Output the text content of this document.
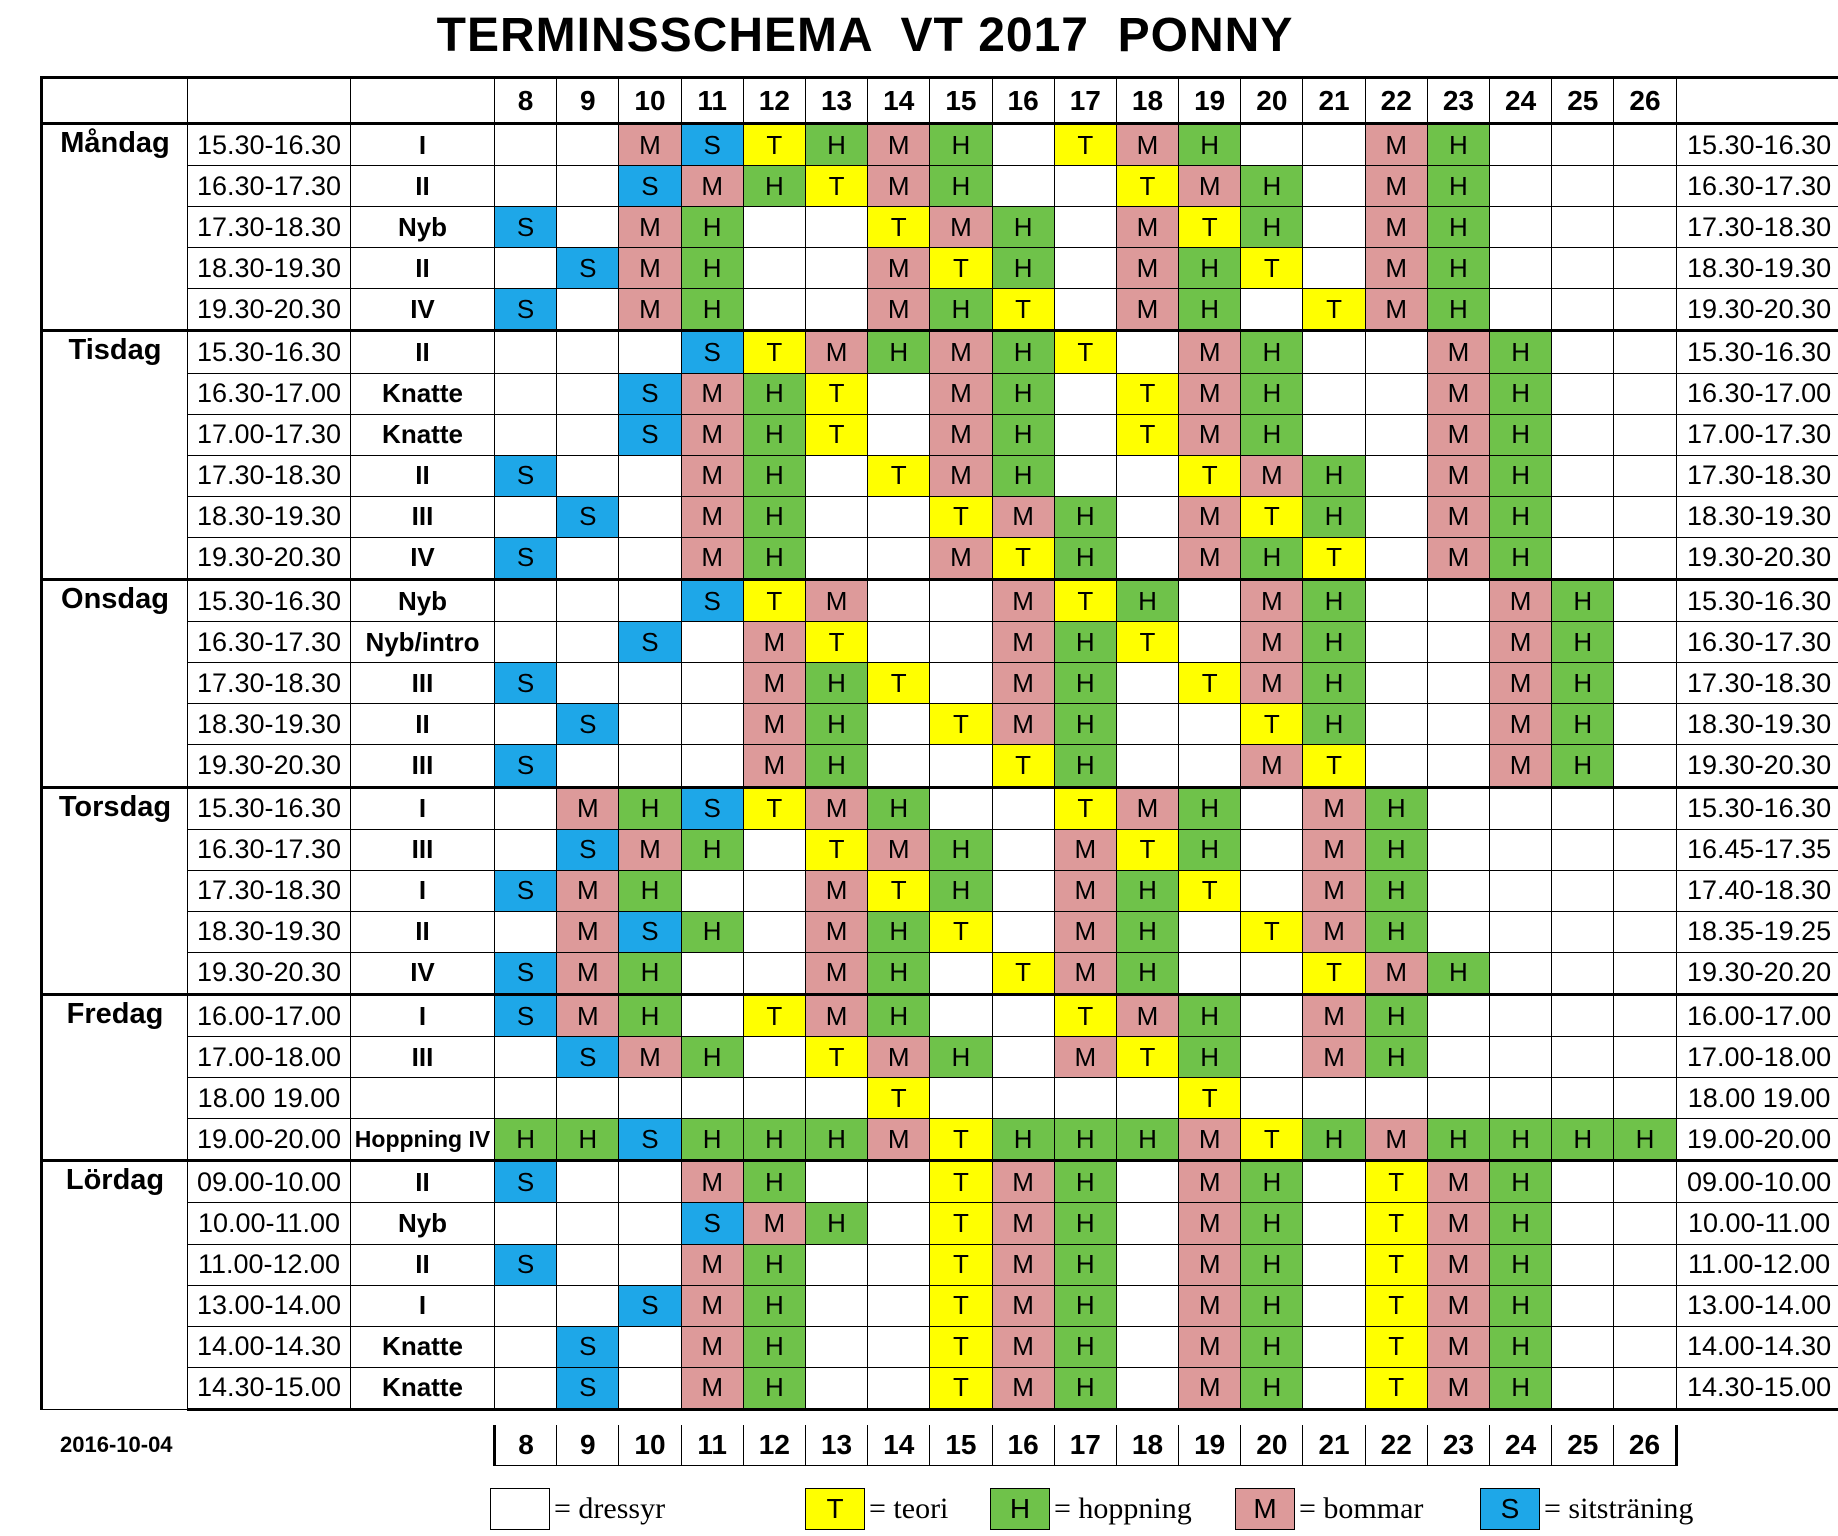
TERMINSSCHEMA  VT 2017  PONNY
			8	9	10	11	12	13	14	15	16	17	18	19	20	21	22	23	24	25	26	
Måndag	15.30-16.30	I			M	S	T	H	M	H		T	M	H			M	H				15.30-16.30
	16.30-17.30	II			S	M	H	T	M	H			T	M	H		M	H				16.30-17.30
	17.30-18.30	Nyb	S		M	H			T	M	H		M	T	H		M	H				17.30-18.30
	18.30-19.30	II		S	M	H			M	T	H		M	H	T		M	H				18.30-19.30
	19.30-20.30	IV	S		M	H			M	H	T		M	H		T	M	H				19.30-20.30
Tisdag	15.30-16.30	II				S	T	M	H	M	H	T		M	H			M	H			15.30-16.30
	16.30-17.00	Knatte			S	M	H	T		M	H		T	M	H			M	H			16.30-17.00
	17.00-17.30	Knatte			S	M	H	T		M	H		T	M	H			M	H			17.00-17.30
	17.30-18.30	II	S			M	H		T	M	H			T	M	H		M	H			17.30-18.30
	18.30-19.30	III		S		M	H			T	M	H		M	T	H		M	H			18.30-19.30
	19.30-20.30	IV	S			M	H			M	T	H		M	H	T		M	H			19.30-20.30
Onsdag	15.30-16.30	Nyb				S	T	M			M	T	H		M	H			M	H		15.30-16.30
	16.30-17.30	Nyb/intro			S		M	T			M	H	T		M	H			M	H		16.30-17.30
	17.30-18.30	III	S				M	H	T		M	H		T	M	H			M	H		17.30-18.30
	18.30-19.30	II		S			M	H		T	M	H			T	H			M	H		18.30-19.30
	19.30-20.30	III	S				M	H			T	H			M	T			M	H		19.30-20.30
Torsdag	15.30-16.30	I		M	H	S	T	M	H			T	M	H		M	H					15.30-16.30
	16.30-17.30	III		S	M	H		T	M	H		M	T	H		M	H					16.45-17.35
	17.30-18.30	I	S	M	H			M	T	H		M	H	T		M	H					17.40-18.30
	18.30-19.30	II		M	S	H		M	H	T		M	H		T	M	H					18.35-19.25
	19.30-20.30	IV	S	M	H			M	H		T	M	H			T	M	H				19.30-20.20
Fredag	16.00-17.00	I	S	M	H		T	M	H			T	M	H		M	H					16.00-17.00
	17.00-18.00	III		S	M	H		T	M	H		M	T	H		M	H					17.00-18.00
	18.00 19.00								T					T								18.00 19.00
	19.00-20.00	Hoppning IV	H	H	S	H	H	H	M	T	H	H	H	M	T	H	M	H	H	H	H	19.00-20.00
Lördag	09.00-10.00	II	S			M	H			T	M	H		M	H		T	M	H			09.00-10.00
	10.00-11.00	Nyb				S	M	H		T	M	H		M	H		T	M	H			10.00-11.00
	11.00-12.00	II	S			M	H			T	M	H		M	H		T	M	H			11.00-12.00
	13.00-14.00	I			S	M	H			T	M	H		M	H		T	M	H			13.00-14.00
	14.00-14.30	Knatte		S		M	H			T	M	H		M	H		T	M	H			14.00-14.30
	14.30-15.00	Knatte		S		M	H			T	M	H		M	H		T	M	H			14.30-15.00
2016-10-04	8	9	10	11	12	13	14	15	16	17	18	19	20	21	22	23	24	25	26
= dressyr	T = teori	H = hoppning	M = bommar	S = sitsträning
